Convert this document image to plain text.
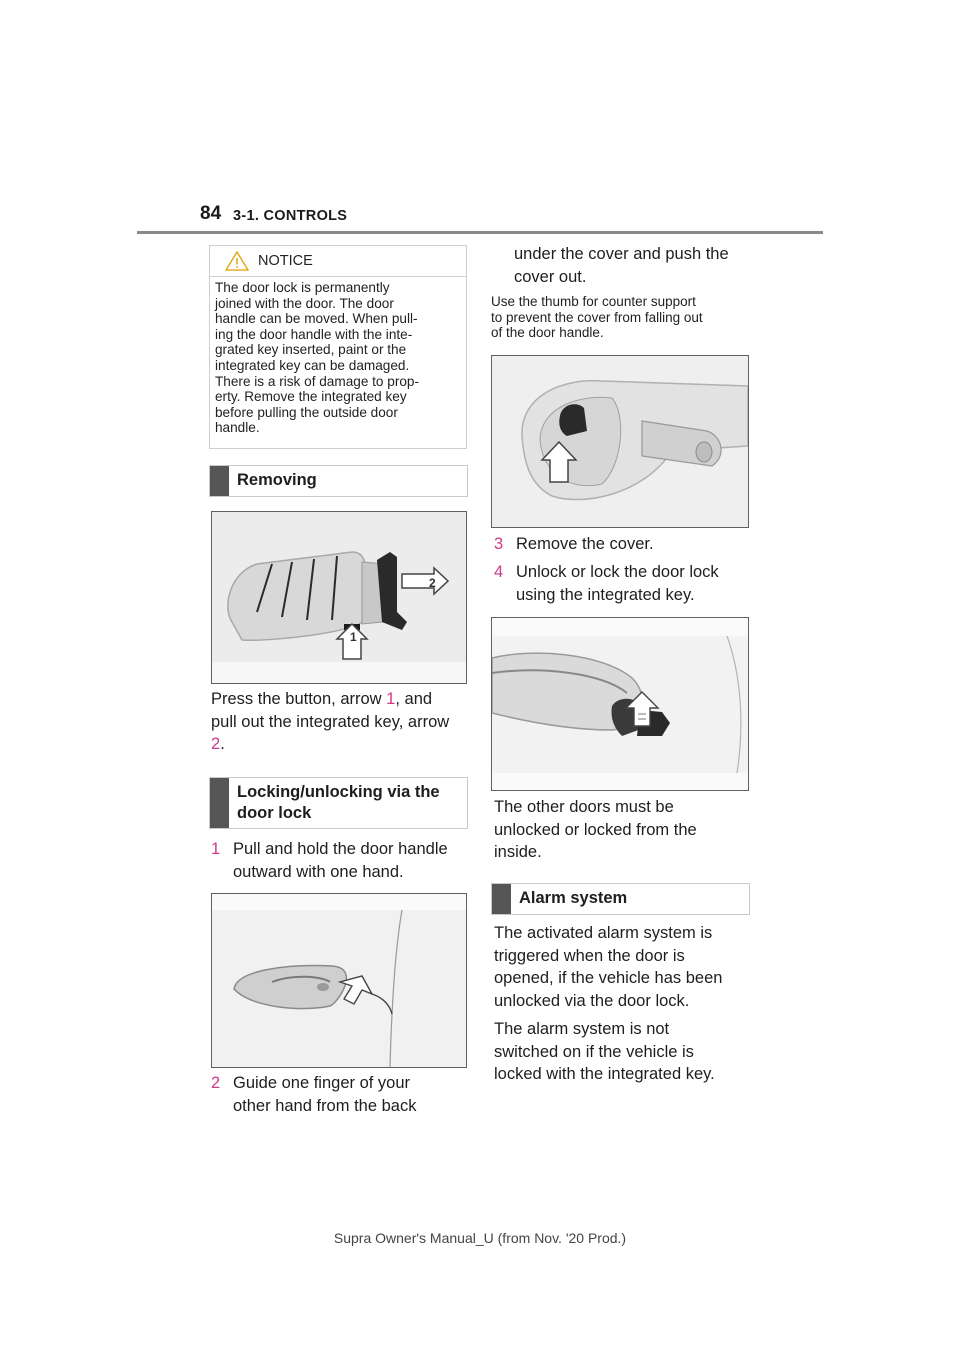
84 3-1. CONTROLS
NOTICE
The door lock is permanently
joined with the door. The door
handle can be moved. When pull-
ing the door handle with the inte-
grated key inserted, paint or the
integrated key can be damaged.
There is a risk of damage to prop-
erty. Remove the integrated key
before pulling the outside door
handle.
Removing
2
1
Press the button, arrow 1, and
pull out the integrated key, arrow
2.
Locking/unlocking via the
door lock
1 Pull and hold the door handle
outward with one hand.
2 Guide one finger of your
other hand from the back
under the cover and push the
cover out.
Use the thumb for counter support
to prevent the cover from falling out
of the door handle.
3 Remove the cover.
4 Unlock or lock the door lock
using the integrated key.
The other doors must be
unlocked or locked from the
inside.
Alarm system
The activated alarm system is
triggered when the door is
opened, if the vehicle has been
unlocked via the door lock.
The alarm system is not
switched on if the vehicle is
locked with the integrated key.
Supra Owner's Manual_U (from Nov. '20 Prod.)
